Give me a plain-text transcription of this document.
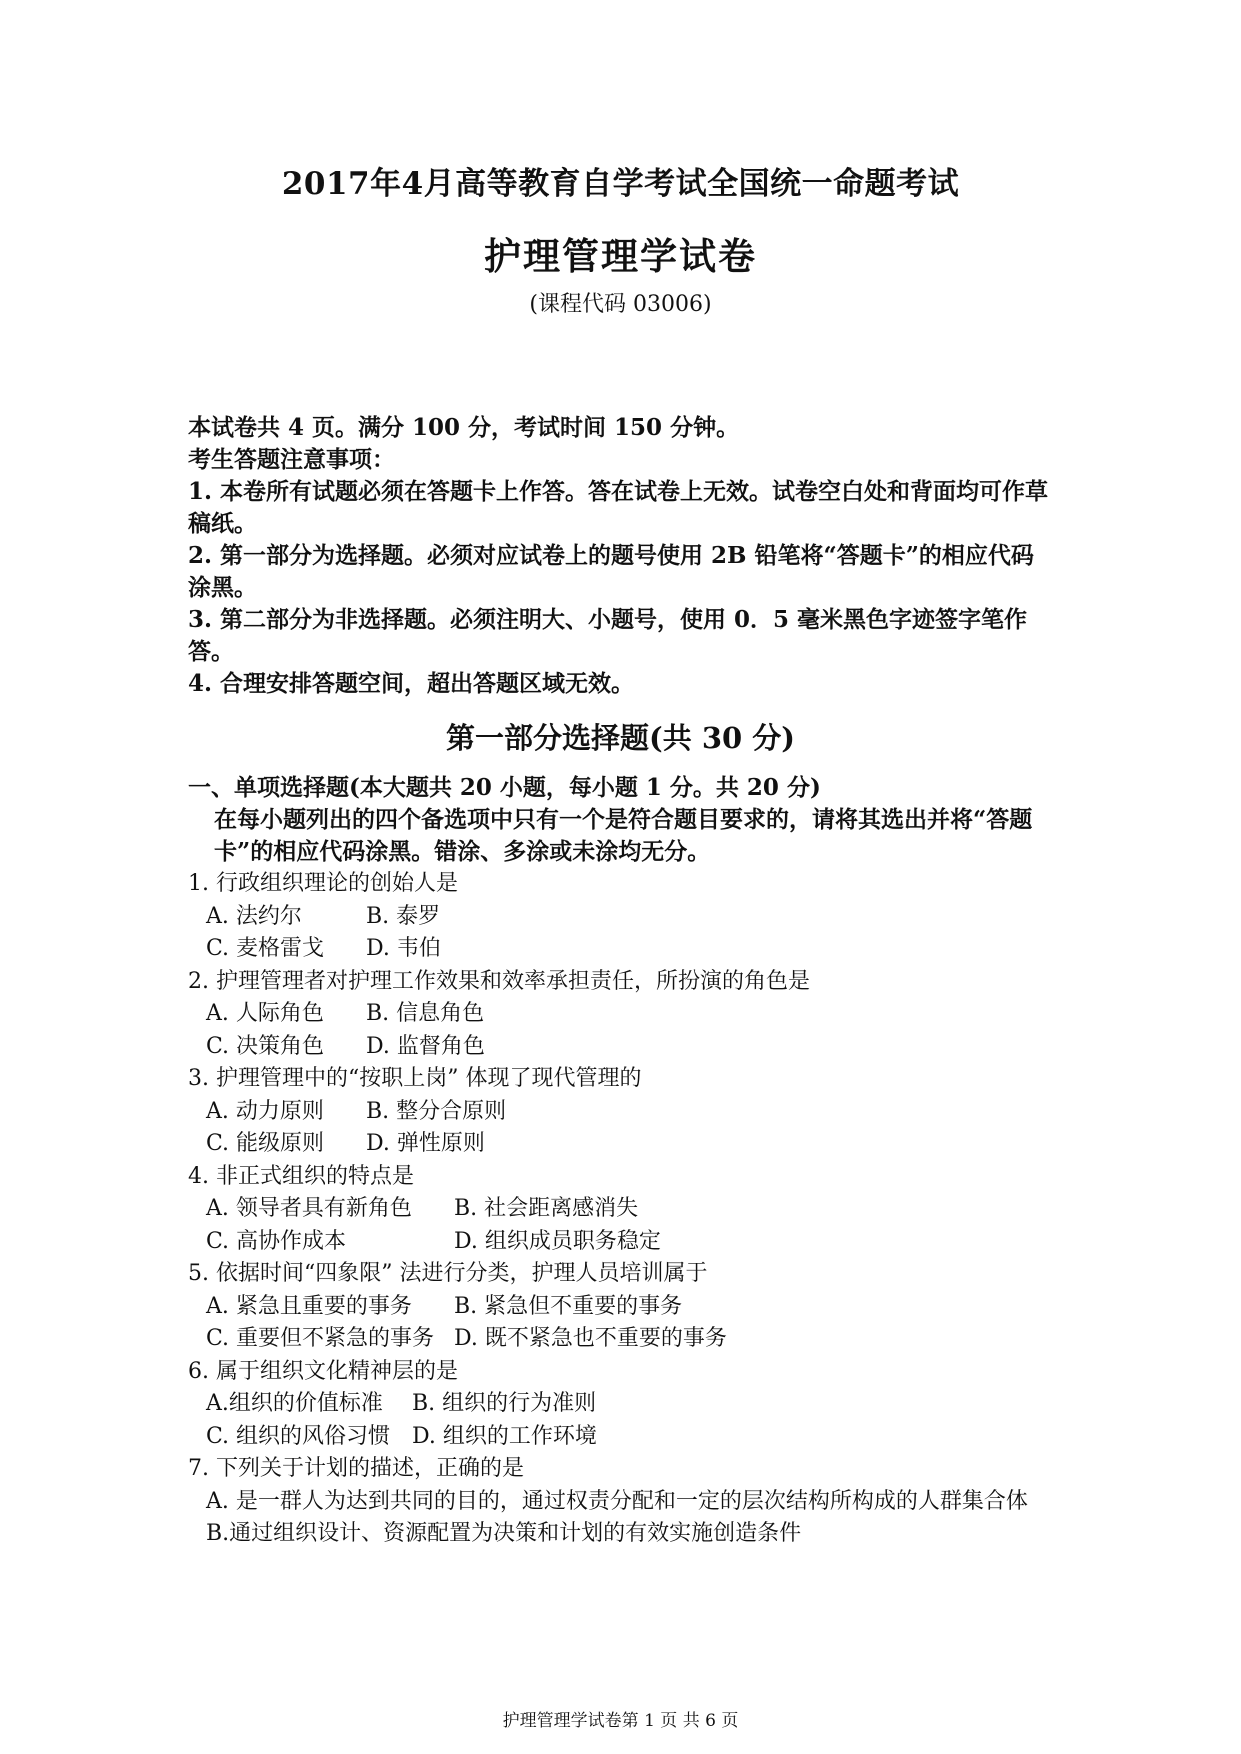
2017年4月高等教育自学考试全国统一命题考试
护理管理学试卷
(课程代码 03006)

本试卷共 4 页。满分 100 分，考试时间 150 分钟。

考生答题注意事项：

1. 本卷所有试题必须在答题卡上作答。答在试卷上无效。试卷空白处和背面均可作草稿纸。

2. 第一部分为选择题。必须对应试卷上的题号使用 2B 铅笔将“答题卡”的相应代码涂黑。

3. 第二部分为非选择题。必须注明大、小题号，使用 0．5 毫米黑色字迹签字笔作答。

4. 合理安排答题空间，超出答题区域无效。

第一部分选择题(共 30 分)

一、单项选择题(本大题共 20 小题，每小题 1 分。共 20 分)

在每小题列出的四个备选项中只有一个是符合题目要求的，请将其选出并将“答题卡”的相应代码涂黑。错涂、多涂或未涂均无分。

1. 行政组织理论的创始人是
A. 法约尔	B. 泰罗
C. 麦格雷戈	D. 韦伯
2. 护理管理者对护理工作效果和效率承担责任，所扮演的角色是
A. 人际角色	B. 信息角色
C. 决策角色	D. 监督角色
3. 护理管理中的“按职上岗” 体现了现代管理的
A. 动力原则	B. 整分合原则
C. 能级原则	D. 弹性原则
4. 非正式组织的特点是
A. 领导者具有新角色	B. 社会距离感消失
C. 高协作成本	D. 组织成员职务稳定
5. 依据时间“四象限” 法进行分类，护理人员培训属于
A. 紧急且重要的事务	B. 紧急但不重要的事务
C. 重要但不紧急的事务 D. 既不紧急也不重要的事务
6. 属于组织文化精神层的是
A.组织的价值标准	B. 组织的行为准则
C. 组织的风俗习惯 D. 组织的工作环境
7. 下列关于计划的描述，正确的是
A. 是一群人为达到共同的目的，通过权责分配和一定的层次结构所构成的人群集合体
B.通过组织设计、资源配置为决策和计划的有效实施创造条件
护理管理学试卷第 1 页 共 6 页
